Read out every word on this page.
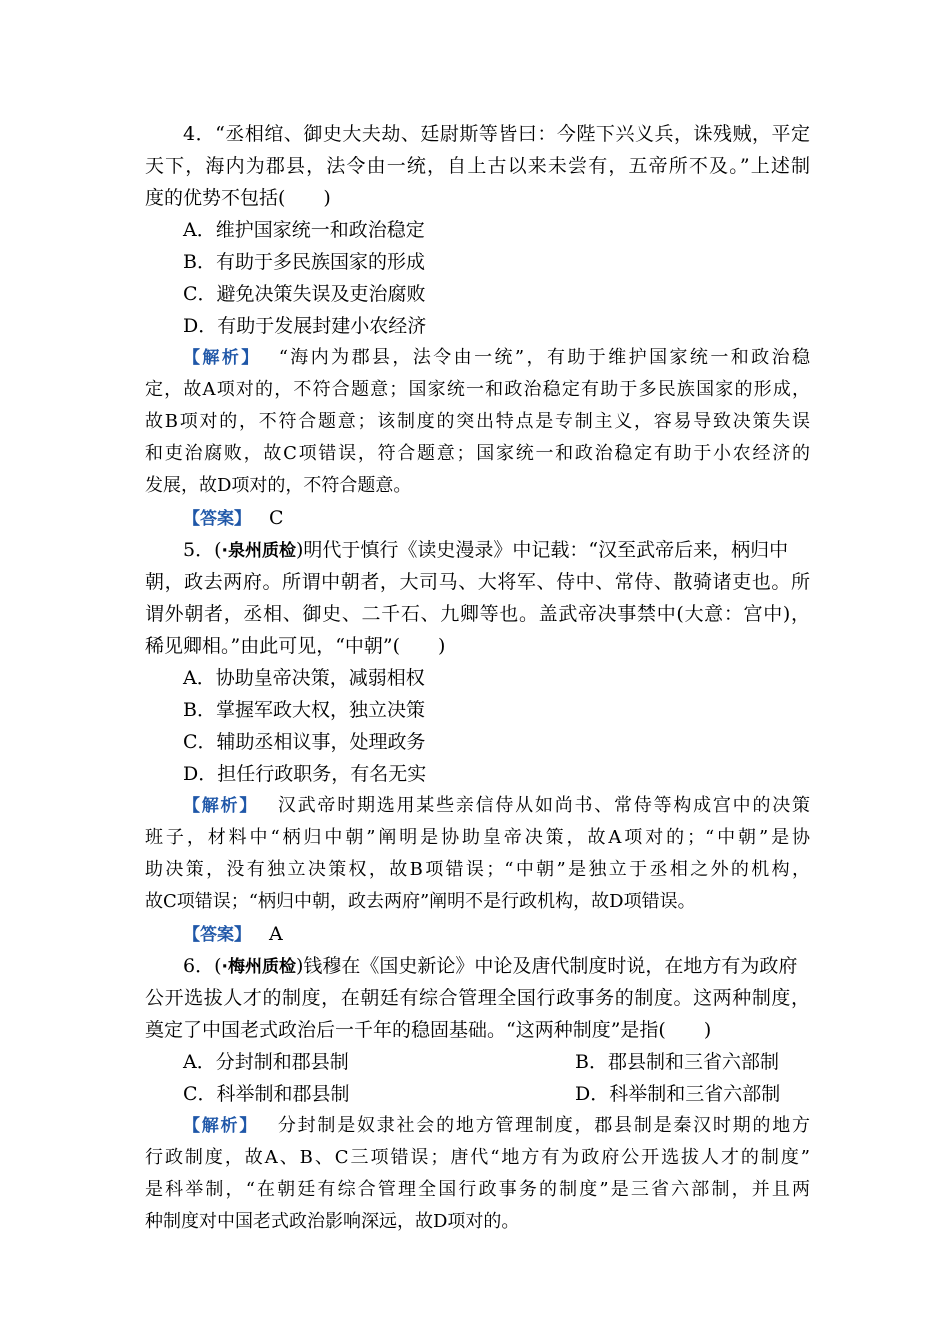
4．“丞相绾、御史大夫劫、廷尉斯等皆曰：今陛下兴义兵，诛残贼，平定
天下，海内为郡县，法令由一统，自上古以来未尝有，五帝所不及。”上述制
度的优势不包括(　　)
A．维护国家统一和政治稳定
B．有助于多民族国家的形成
C．避免决策失误及吏治腐败
D．有助于发展封建小农经济
【解析】 “海内为郡县，法令由一统”，有助于维护国家统一和政治稳
定，故A项对的，不符合题意；国家统一和政治稳定有助于多民族国家的形成，
故B项对的，不符合题意；该制度的突出特点是专制主义，容易导致决策失误
和吏治腐败，故C项错误，符合题意；国家统一和政治稳定有助于小农经济的
发展，故D项对的，不符合题意。
【答案】 C
5．(·泉州质检)明代于慎行《读史漫录》中记载：“汉至武帝后来，柄归中
朝，政去两府。所谓中朝者，大司马、大将军、侍中、常侍、散骑诸吏也。所
谓外朝者，丞相、御史、二千石、九卿等也。盖武帝决事禁中(大意：宫中)，
稀见卿相。”由此可见，“中朝”(　　)
A．协助皇帝决策，减弱相权
B．掌握军政大权，独立决策
C．辅助丞相议事，处理政务
D．担任行政职务，有名无实
【解析】 汉武帝时期选用某些亲信侍从如尚书、常侍等构成宫中的决策
班子，材料中“柄归中朝”阐明是协助皇帝决策，故A项对的；“中朝”是协
助决策，没有独立决策权，故B项错误；“中朝”是独立于丞相之外的机构，
故C项错误；“柄归中朝，政去两府”阐明不是行政机构，故D项错误。
【答案】 A
6．(·梅州质检)钱穆在《国史新论》中论及唐代制度时说，在地方有为政府
公开选拔人才的制度，在朝廷有综合管理全国行政事务的制度。这两种制度，
奠定了中国老式政治后一千年的稳固基础。“这两种制度”是指(　　)
A．分封制和郡县制	B．郡县制和三省六部制
C．科举制和郡县制	D．科举制和三省六部制
【解析】 分封制是奴隶社会的地方管理制度，郡县制是秦汉时期的地方
行政制度，故A、B、C三项错误；唐代“地方有为政府公开选拔人才的制度”
是科举制，“在朝廷有综合管理全国行政事务的制度”是三省六部制，并且两
种制度对中国老式政治影响深远，故D项对的。
